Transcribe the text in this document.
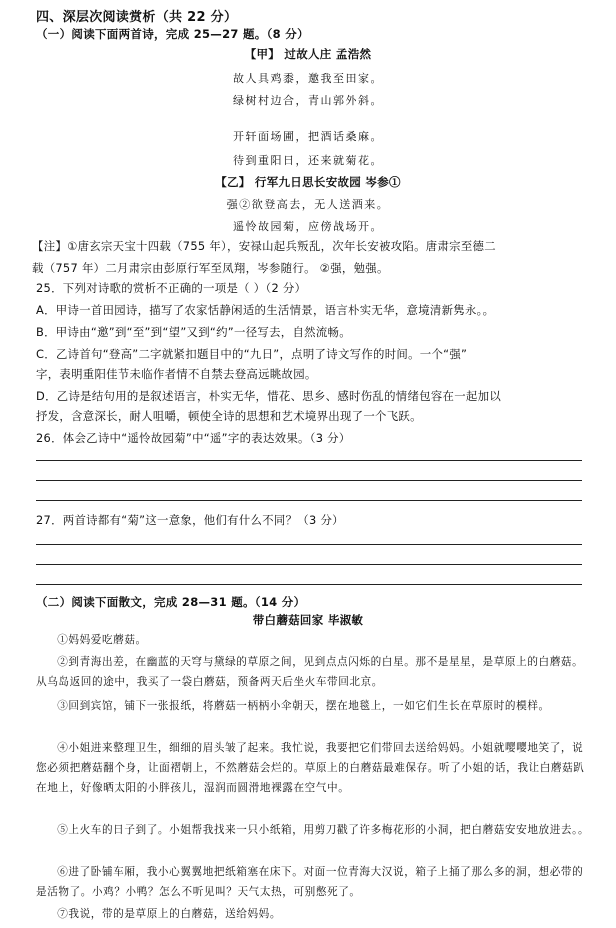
四、深层次阅读赏析（共 22 分）
（一）阅读下面两首诗，完成 25—27 题。（8 分）
【甲】 过故人庄 孟浩然
故人具鸡黍，邀我至田家。
绿树村边合，青山郭外斜。
开轩面场圃，把酒话桑麻。
待到重阳日，还来就菊花。
【乙】 行军九日思长安故园 岑参①
强②欲登高去，无人送酒来。
遥怜故园菊，应傍战场开。
【注】①唐玄宗天宝十四载（755 年），安禄山起兵叛乱，次年长安被攻陷。唐肃宗至德二
载（757 年）二月肃宗由彭原行军至凤翔，岑参随行。 ②强，勉强。
25．下列对诗歌的赏析不正确的一项是（ ）（2 分）
A．甲诗一首田园诗，描写了农家恬静闲适的生活情景，语言朴实无华，意境清新隽永。。
B．甲诗由“邀”到“至”到“望”又到“约”一径写去，自然流畅。
C．乙诗首句“登高”二字就紧扣题目中的“九日”，点明了诗文写作的时间。一个“强”
字，表明重阳佳节未临作者情不自禁去登高远眺故园。
D．乙诗是结句用的是叙述语言，朴实无华，惜花、思乡、感时伤乱的情绪包容在一起加以
抒发，含意深长，耐人咀嚼，顿使全诗的思想和艺术境界出现了一个飞跃。
26．体会乙诗中“遥怜故园菊”中“遥”字的表达效果。（3 分）
27．两首诗都有“菊”这一意象，他们有什么不同？（3 分）
（二）阅读下面散文，完成 28—31 题。（14 分）
带白蘑菇回家 毕淑敏
①妈妈爱吃蘑菇。
②到青海出差，在幽蓝的天穹与黛绿的草原之间，见到点点闪烁的白星。那不是星星，是草原上的白蘑菇。从乌岛返回的途中，我买了一袋白蘑菇，预备两天后坐火车带回北京。
③回到宾馆，铺下一张报纸，将蘑菇一柄柄小伞朝天，摆在地毯上，一如它们生长在草原时的模样。
④小姐进来整理卫生，细细的眉头皱了起来。我忙说，我要把它们带回去送给妈妈。小姐就嘤嘤地笑了，说您必须把蘑菇翻个身，让面褶朝上，不然蘑菇会烂的。草原上的白蘑菇最难保存。听了小姐的话，我让白蘑菇趴在地上，好像晒太阳的小胖孩儿，湿润而圆滑地裸露在空气中。
⑤上火车的日子到了。小姐帮我找来一只小纸箱，用剪刀戳了许多梅花形的小洞，把白蘑菇安安地放进去。。
⑥进了卧铺车厢，我小心翼翼地把纸箱塞在床下。对面一位青海大汉说，箱子上捅了那么多的洞，想必带的是活物了。小鸡？小鸭？怎么不听见叫？天气太热，可别憋死了。
⑦我说，带的是草原上的白蘑菇，送给妈妈。
